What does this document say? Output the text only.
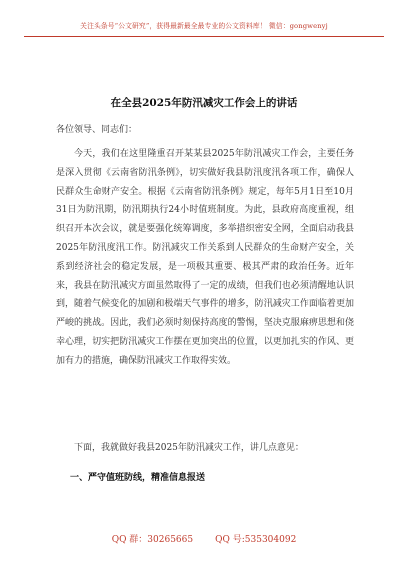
关注头条号“公文研究”，获得最新最全最专业的公文资料库！ 微信：gongwenyj
在全县2025年防汛减灾工作会上的讲话
各位领导、同志们：

今天，我们在这里隆重召开某某县2025年防汛减灾工作会，主要任务是深入贯彻《云南省防汛条例》，切实做好我县防汛度汛各项工作，确保人民群众生命财产安全。根据《云南省防汛条例》规定，每年5月1日至10月31日为防汛期，防汛期执行24小时值班制度。为此，县政府高度重视，组织召开本次会议，就是要强化统筹调度，多举措织密安全网，全面启动我县2025年防汛度汛工作。防汛减灾工作关系到人民群众的生命财产安全，关系到经济社会的稳定发展，是一项极其重要、极其严肃的政治任务。近年来，我县在防汛减灾方面虽然取得了一定的成绩，但我们也必须清醒地认识到，随着气候变化的加剧和极端天气事件的增多，防汛减灾工作面临着更加严峻的挑战。因此，我们必须时刻保持高度的警惕，坚决克服麻痹思想和侥幸心理，切实把防汛减灾工作摆在更加突出的位置，以更加扎实的作风、更加有力的措施，确保防汛减灾工作取得实效。

下面，我就做好我县2025年防汛减灾工作，讲几点意见：

一、严守值班防线，精准信息报送
QQ 群：30265665 QQ 号:535304092
